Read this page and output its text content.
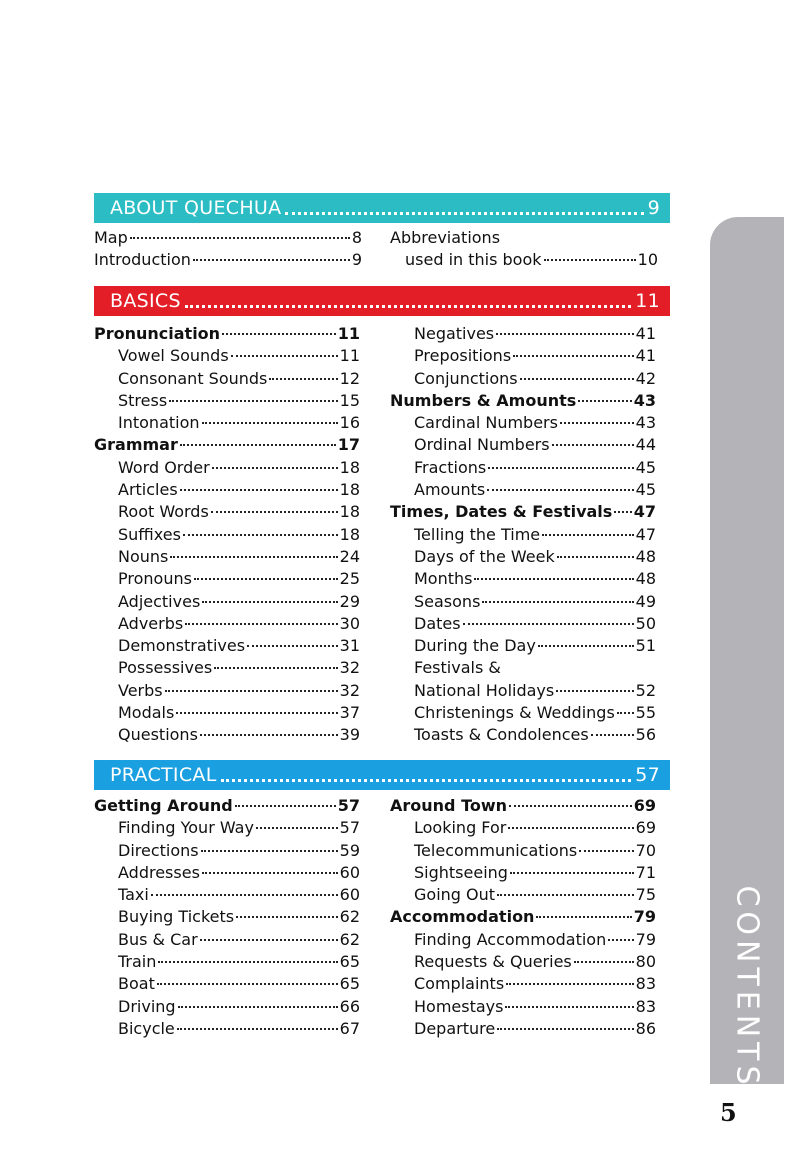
ABOUT QUECHUA	9
Map	8
Introduction	9
Abbreviations
used in this book	10
BASICS	11
Pronunciation	11
Vowel Sounds	11
Consonant Sounds	12
Stress	15
Intonation	16
Grammar	17
Word Order	18
Articles	18
Root Words	18
Suffixes	18
Nouns	24
Pronouns	25
Adjectives	29
Adverbs	30
Demonstratives	31
Possessives	32
Verbs	32
Modals	37
Questions	39
Negatives	41
Prepositions	41
Conjunctions	42
Numbers & Amounts	43
Cardinal Numbers	43
Ordinal Numbers	44
Fractions	45
Amounts	45
Times, Dates & Festivals 47
Telling the Time	47
Days of the Week	48
Months	48
Seasons	49
Dates	50
During the Day	51
Festivals &
National Holidays	52
Christenings & Weddings 55
Toasts & Condolences	56
PRACTICAL	57
Getting Around	57
Finding Your Way	57
Directions	59
Addresses	60
Taxi	60
Buying Tickets	62
Bus & Car	62
Train	65
Boat	65
Driving	66
Bicycle	67
Around Town	69
Looking For	69
Telecommunications	70
Sightseeing	71
Going Out	75
Accommodation	79
Finding Accommodation 79
Requests & Queries	80
Complaints	83
Homestays	83
Departure	86 CONTENTS
5
